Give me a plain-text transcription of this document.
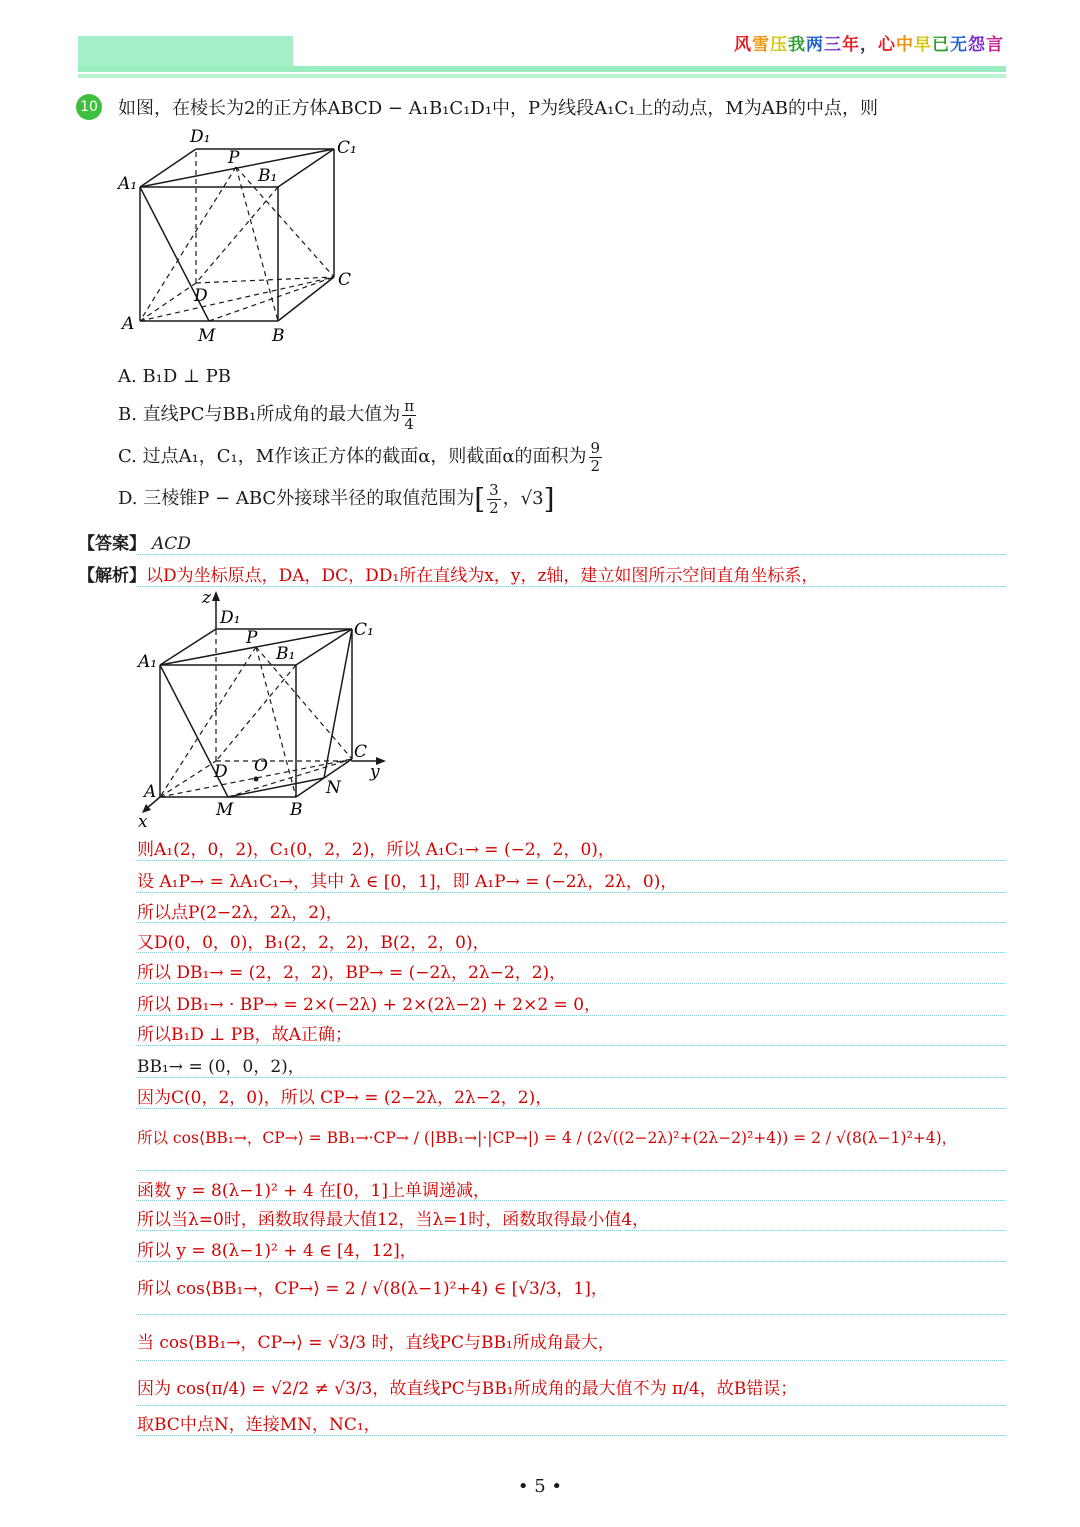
风雪压我两三年，心中早已无怨言
10 如图，在棱长为2的正方体ABCD − A₁B₁C₁D₁中，P为线段A₁C₁上的动点，M为AB的中点，则
D₁
P	C₁
A₁	B₁
C
D
A
M	B
A. B₁D ⊥ PB
B. 直线PC与BB₁所成角的最大值为 $\frac{\pi}{4}$
C. 过点A₁，C₁，M作该正方体的截面α，则截面α的面积为 $\frac{9}{2}$
D. 三棱锥P − ABC外接球半径的取值范围为[ $\frac{3}{2}$ ，√3]
【答案】 ACD
【解析】以D为坐标原点，DA，DC，DD₁所在直线为x，y，z轴，建立如图所示空间直角坐标系，
z
D₁
P	C₁
A₁	B₁
C
y
D O
A	N
M	B
x
则A₁(2，0，2)，C₁(0，2，2)，所以 A₁C₁→ = (−2，2，0)，
设 A₁P→ = λA₁C₁→，其中 λ ∈ [0，1]，即 A₁P→ = (−2λ，2λ，0)，
所以点P(2−2λ，2λ，2)，
又D(0，0，0)，B₁(2，2，2)，B(2，2，0)，
所以 DB₁→ = (2，2，2)，BP→ = (−2λ，2λ−2，2)，
所以 DB₁→ · BP→ = 2×(−2λ) + 2×(2λ−2) + 2×2 = 0，
所以B₁D ⊥ PB，故A正确；
BB₁→ = (0，0，2)，
因为C(0，2，0)，所以 CP→ = (2−2λ，2λ−2，2)，
所以 cos⟨BB₁→，CP→⟩ = BB₁→·CP→ / (|BB₁→|·|CP→|) = 4 / (2√((2−2λ)²+(2λ−2)²+4)) = 2 / √(8(λ−1)²+4)，
函数 y = 8(λ−1)² + 4 在[0，1]上单调递减，
所以当λ=0时，函数取得最大值12，当λ=1时，函数取得最小值4，
所以 y = 8(λ−1)² + 4 ∈ [4，12]，
所以 cos⟨BB₁→，CP→⟩ = 2 / √(8(λ−1)²+4) ∈ [√3/3，1]，
当 cos⟨BB₁→，CP→⟩ = √3/3 时，直线PC与BB₁所成角最大，
因为 cos(π/4) = √2/2 ≠ √3/3，故直线PC与BB₁所成角的最大值不为 π/4，故B错误；
取BC中点N，连接MN，NC₁，
• 5 •
